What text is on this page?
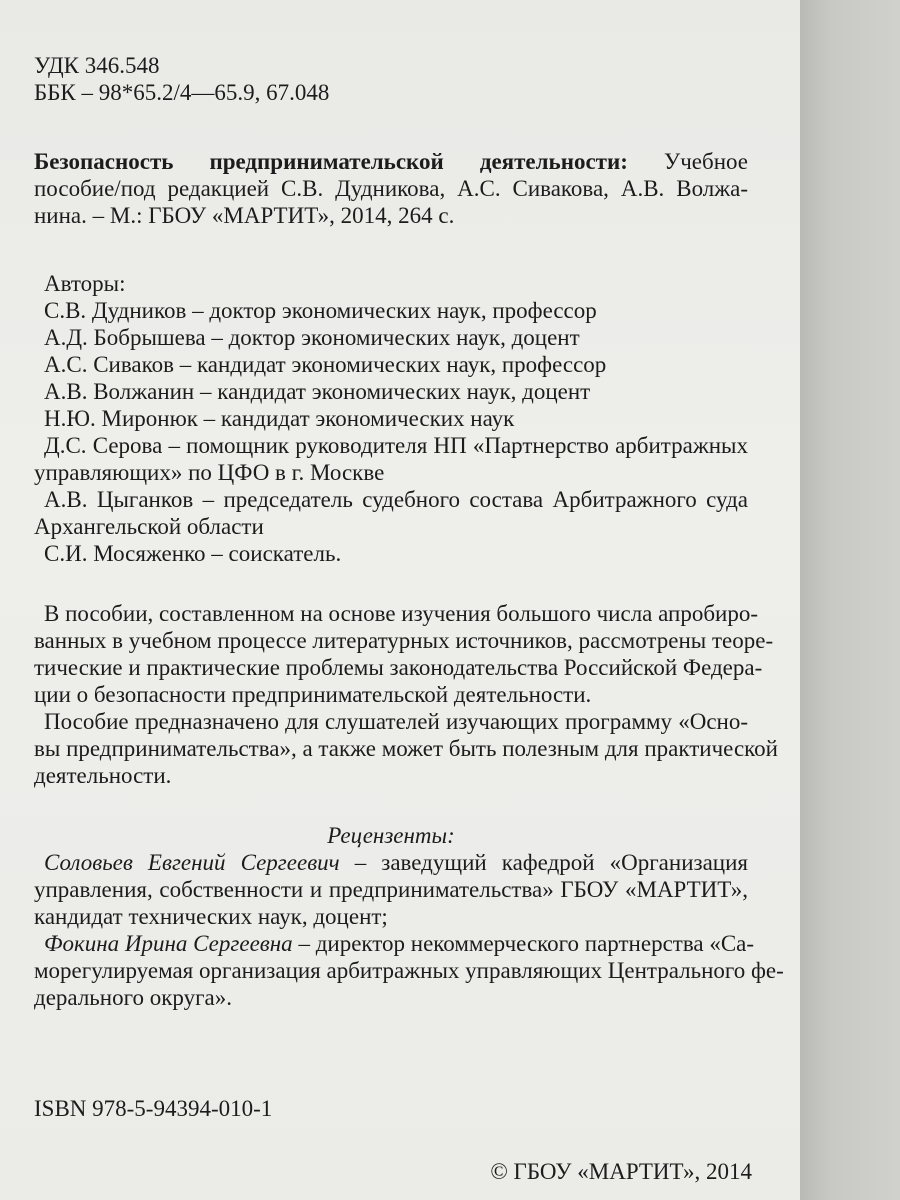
УДК 346.548
ББК – 98*65.2/4—65.9, 67.048
Безопасность предпринимательской деятельности: Учебное
пособие/под редакцией С.В. Дудникова, А.С. Сивакова, А.В. Волжа-
нина. – М.: ГБОУ «МАРТИТ», 2014, 264 с.
Авторы:
С.В. Дудников – доктор экономических наук, профессор
А.Д. Бобрышева – доктор экономических наук, доцент
А.С. Сиваков – кандидат экономических наук, профессор
А.В. Волжанин – кандидат экономических наук, доцент
Н.Ю. Миронюк – кандидат экономических наук
Д.С. Серова – помощник руководителя НП «Партнерство арбитражных
управляющих» по ЦФО в г. Москве
А.В. Цыганков – председатель судебного состава Арбитражного суда
Архангельской области
С.И. Мосяженко – соискатель.
В пособии, составленном на основе изучения большого числа апробиро-
ванных в учебном процессе литературных источников, рассмотрены теоре-
тические и практические проблемы законодательства Российской Федера-
ции о безопасности предпринимательской деятельности.
Пособие предназначено для слушателей изучающих программу «Осно-
вы предпринимательства», а также может быть полезным для практической
деятельности.
Рецензенты:
Соловьев Евгений Сергеевич – заведущий кафедрой «Организация
управления, собственности и предпринимательства» ГБОУ «МАРТИТ»,
кандидат технических наук, доцент;
Фокина Ирина Сергеевна – директор некоммерческого партнерства «Са-
морегулируемая организация арбитражных управляющих Центрального фе-
дерального округа».
ISBN 978-5-94394-010-1
© ГБОУ «МАРТИТ», 2014
